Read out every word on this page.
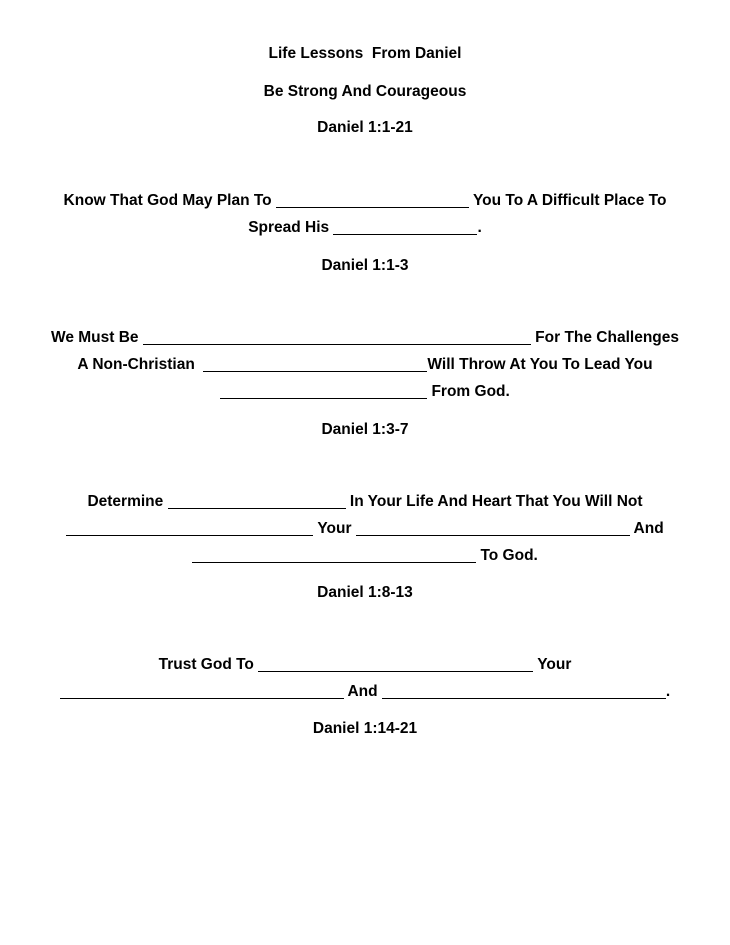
Life Lessons  From Daniel
Be Strong And Courageous
Daniel 1:1-21
Know That God May Plan To	You To A Difficult Place To
Spread His	.
Daniel 1:1-3
We Must Be	For The Challenges
A Non-Christian	Will Throw At You To Lead You
From God.
Daniel 1:3-7
Determine	In Your Life And Heart That You Will Not
Your	And
To God.
Daniel 1:8-13
Trust God To	Your
And	.
Daniel 1:14-21
